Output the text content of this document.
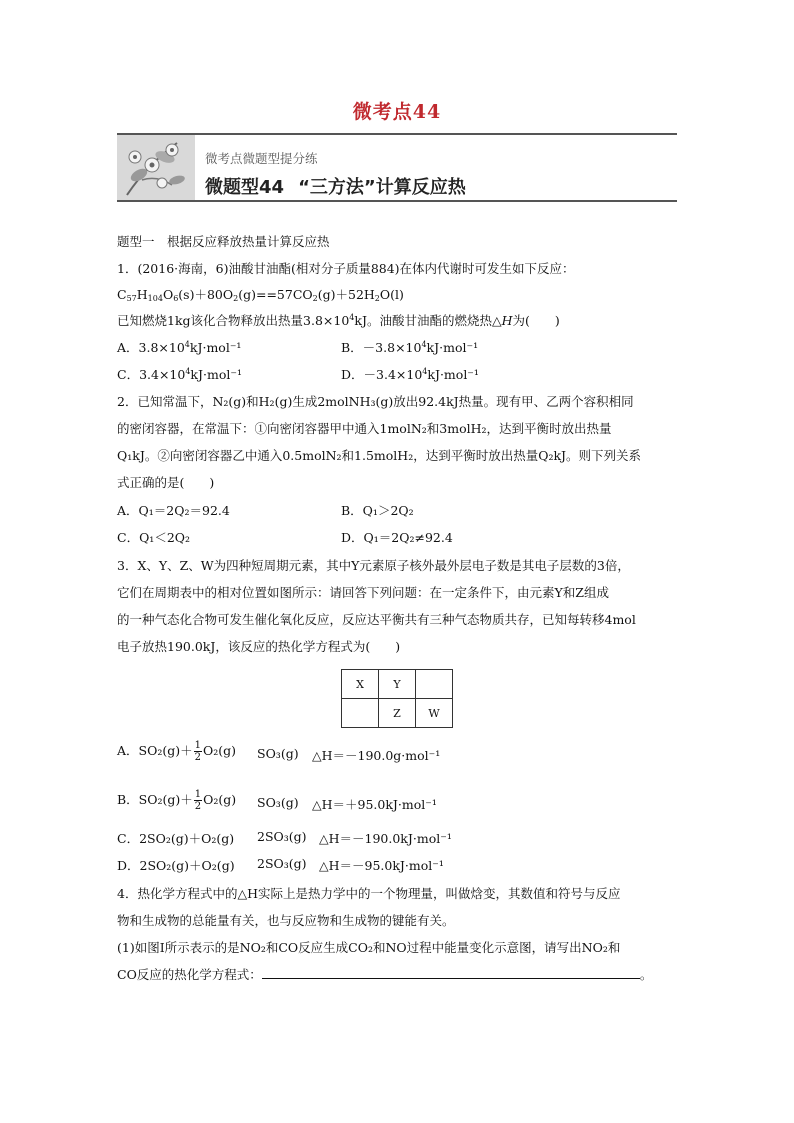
微考点44
微考点微题型提分练
微题型44 “三方法”计算反应热
题型一　根据反应释放热量计算反应热
1．(2016·海南，6)油酸甘油酯(相对分子质量884)在体内代谢时可发生如下反应：
$C_{57}H_{104}O_6(s)+80O_2(g)==57CO_2(g)+52H_2O(l)$
已知燃烧1kg该化合物释放出热量$3.8\times 10^4kJ$。油酸甘油酯的燃烧热△H为(　　)
A．$3.8\times 10^4kJ\cdot mol^{-1}$	B．$-3.8\times 10^4kJ\cdot mol^{-1}$
C．$3.4\times 10^4kJ\cdot mol^{-1}$	D．$-3.4\times 10^4kJ\cdot mol^{-1}$
2．已知常温下，N₂(g)和H₂(g)生成2molNH₃(g)放出92.4kJ热量。现有甲、乙两个容积相同
的密闭容器，在常温下：①向密闭容器甲中通入1molN₂和3molH₂，达到平衡时放出热量
Q₁kJ。②向密闭容器乙中通入0.5molN₂和1.5molH₂，达到平衡时放出热量Q₂kJ。则下列关系
式正确的是(　　)
A．Q₁＝2Q₂＝92.4	B．Q₁＞2Q₂
C．Q₁＜2Q₂	D．Q₁＝2Q₂≠92.4
3．X、Y、Z、W为四种短周期元素，其中Y元素原子核外最外层电子数是其电子层数的3倍，
它们在周期表中的相对位置如图所示：请回答下列问题：在一定条件下，由元素Y和Z组成
的一种气态化合物可发生催化氧化反应，反应达平衡共有三种气态物质共存，已知每转移4mol
电子放热190.0kJ，该反应的热化学方程式为(　　)
X	Y	
	Z	W
A．$SO_2(g)+ \frac{1}{2} O_2(g)$ SO₃(g) △H＝－190.0g·mol⁻¹
B．$SO_2(g)+ \frac{1}{2} O_2(g)$ SO₃(g) △H＝＋95.0kJ·mol⁻¹
C．2SO₂(g)＋O₂(g) 2SO₃(g) △H＝－190.0kJ·mol⁻¹
D．2SO₂(g)＋O₂(g) 2SO₃(g) △H＝－95.0kJ·mol⁻¹
4．热化学方程式中的△H实际上是热力学中的一个物理量，叫做焓变，其数值和符号与反应
物和生成物的总能量有关，也与反应物和生成物的键能有关。
(1)如图Ⅰ所示表示的是NO₂和CO反应生成CO₂和NO过程中能量变化示意图，请写出NO₂和
CO反应的热化学方程式：	。
